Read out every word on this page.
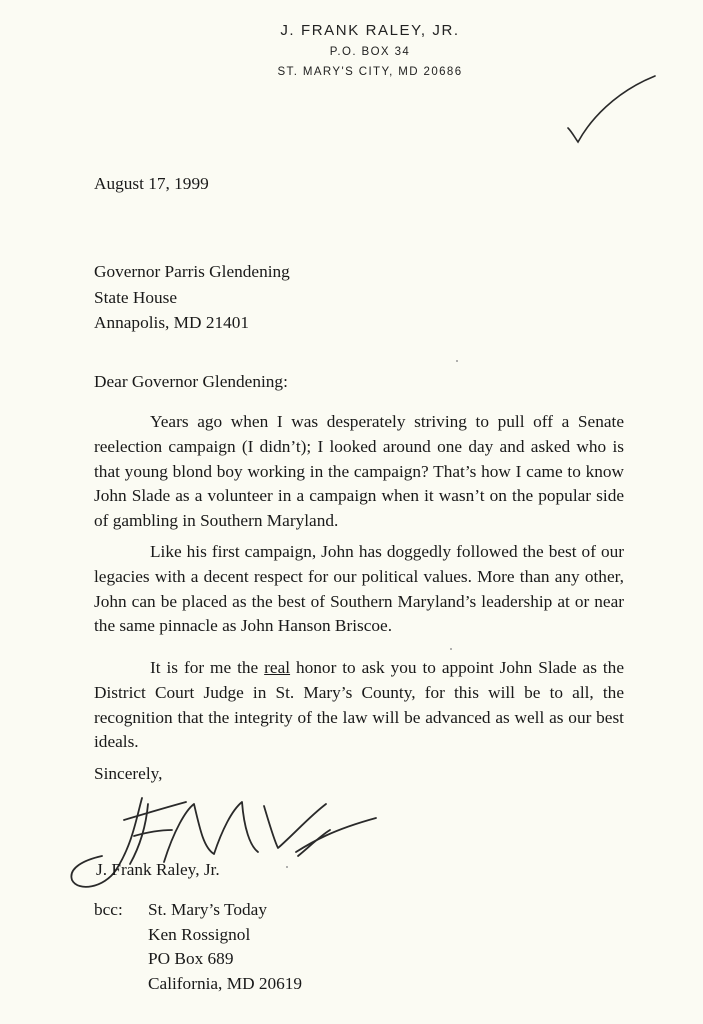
J. FRANK RALEY, JR.
P.O. BOX 34
ST. MARY'S CITY, MD 20686
August 17, 1999
Governor Parris Glendening
State House
Annapolis, MD 21401
Dear Governor Glendening:
Years ago when I was desperately striving to pull off a Senate reelection campaign (I didn’t); I looked around one day and asked who is that young blond boy working in the campaign? That’s how I came to know John Slade as a volunteer in a campaign when it wasn’t on the popular side of gambling in Southern Maryland.
Like his first campaign, John has doggedly followed the best of our legacies with a decent respect for our political values. More than any other, John can be placed as the best of Southern Maryland’s leadership at or near the same pinnacle as John Hanson Briscoe.
It is for me the real honor to ask you to appoint John Slade as the District Court Judge in St. Mary’s County, for this will be to all, the recognition that the integrity of the law will be advanced as well as our best ideals.
Sincerely,
J. Frank Raley, Jr.
bcc: St. Mary’s Today
Ken Rossignol
PO Box 689
California, MD 20619
